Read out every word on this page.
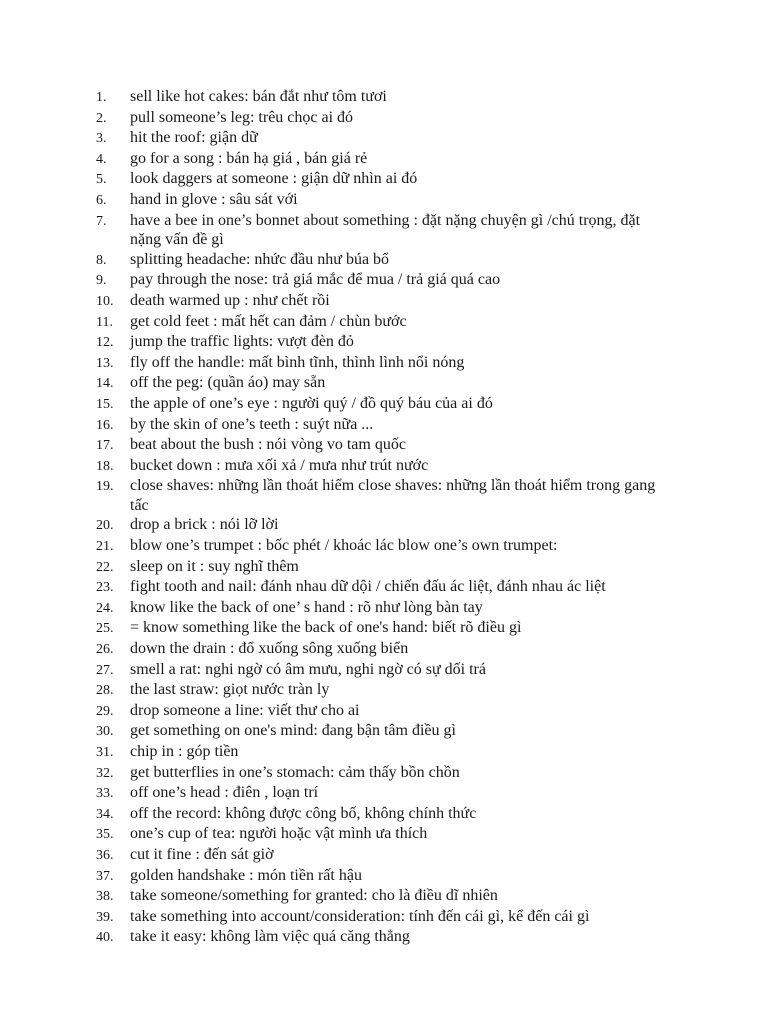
1.	sell like hot cakes: bán đắt như tôm tươi
2.	pull someone’s leg: trêu chọc ai đó
3.	hit the roof: giận dữ
4.	go for a song : bán hạ giá , bán giá rẻ
5.	look daggers at someone : giận dữ nhìn ai đó
6.	hand in glove : sâu sát với
7.	have a bee in one’s bonnet about something : đặt nặng chuyện gì /chú trọng, đặt nặng vấn đề gì
8.	splitting headache: nhức đầu như búa bổ
9.	pay through the nose: trả giá mắc để mua / trả giá quá cao
10.	death warmed up : như chết rồi
11.	get cold feet : mất hết can đảm / chùn bước
12.	jump the traffic lights: vượt đèn đỏ
13.	fly off the handle: mất bình tĩnh, thình lình nổi nóng
14.	off the peg: (quần áo) may sẵn
15.	the apple of one’s eye : người quý / đồ quý báu của ai đó
16.	by the skin of one’s teeth : suýt nữa ...
17.	beat about the bush : nói vòng vo tam quốc
18.	bucket down : mưa xối xả / mưa như trút nước
19.	close shaves: những lần thoát hiểm close shaves: những lần thoát hiểm trong gang tấc
20.	drop a brick : nói lỡ lời
21.	blow one’s trumpet : bốc phét / khoác lác blow one’s own trumpet:
22.	sleep on it : suy nghĩ thêm
23.	fight tooth and nail: đánh nhau dữ dội / chiến đấu ác liệt, đánh nhau ác liệt
24.	know like the back of one’ s hand : rõ như lòng bàn tay
25.	= know something like the back of one's hand: biết rõ điều gì
26.	down the drain : đổ xuống sông xuống biển
27.	smell a rat: nghi ngờ có âm mưu, nghi ngờ có sự dối trá
28.	the last straw: giọt nước tràn ly
29.	drop someone a line: viết thư cho ai
30.	get something on one's mind: đang bận tâm điều gì
31.	chip in : góp tiền
32.	get butterflies in one’s stomach: cảm thấy bồn chồn
33.	off one’s head : điên , loạn trí
34.	off the record: không được công bố, không chính thức
35.	one’s cup of tea: người hoặc vật mình ưa thích
36.	cut it fine : đến sát giờ
37.	golden handshake : món tiền rất hậu
38.	take someone/something for granted: cho là điều dĩ nhiên
39.	take something into account/consideration: tính đến cái gì, kể đến cái gì
40.	take it easy: không làm việc quá căng thẳng
